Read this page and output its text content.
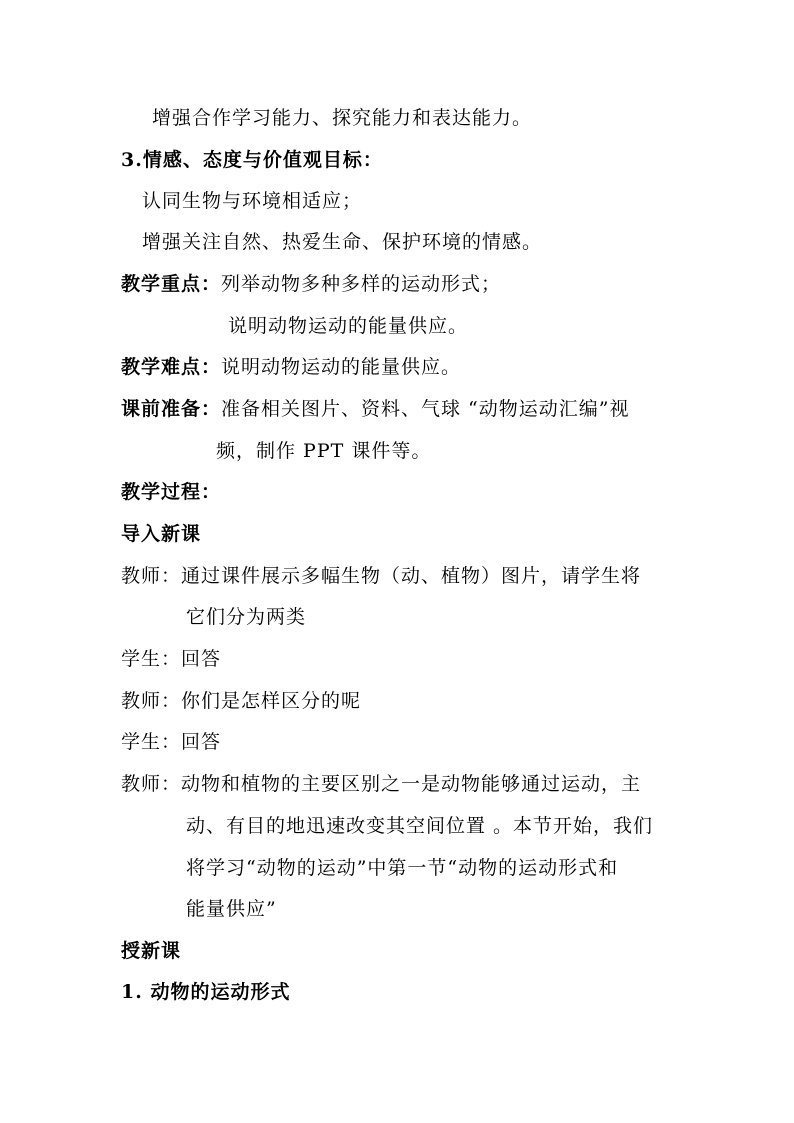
增强合作学习能力、探究能力和表达能力。
3.情感、态度与价值观目标：
认同生物与环境相适应；
增强关注自然、热爱生命、保护环境的情感。
教学重点：列举动物多种多样的运动形式；
说明动物运动的能量供应。
教学难点：说明动物运动的能量供应。
课前准备：准备相关图片、资料、气球 “动物运动汇编”视
频，制作 PPT 课件等。
教学过程：
导入新课
教师：通过课件展示多幅生物（动、植物）图片，请学生将
它们分为两类
学生：回答
教师：你们是怎样区分的呢
学生：回答
教师：动物和植物的主要区别之一是动物能够通过运动，主
动、有目的地迅速改变其空间位置 。本节开始，我们
将学习“动物的运动”中第一节“动物的运动形式和
能量供应”
授新课
1. 动物的运动形式
